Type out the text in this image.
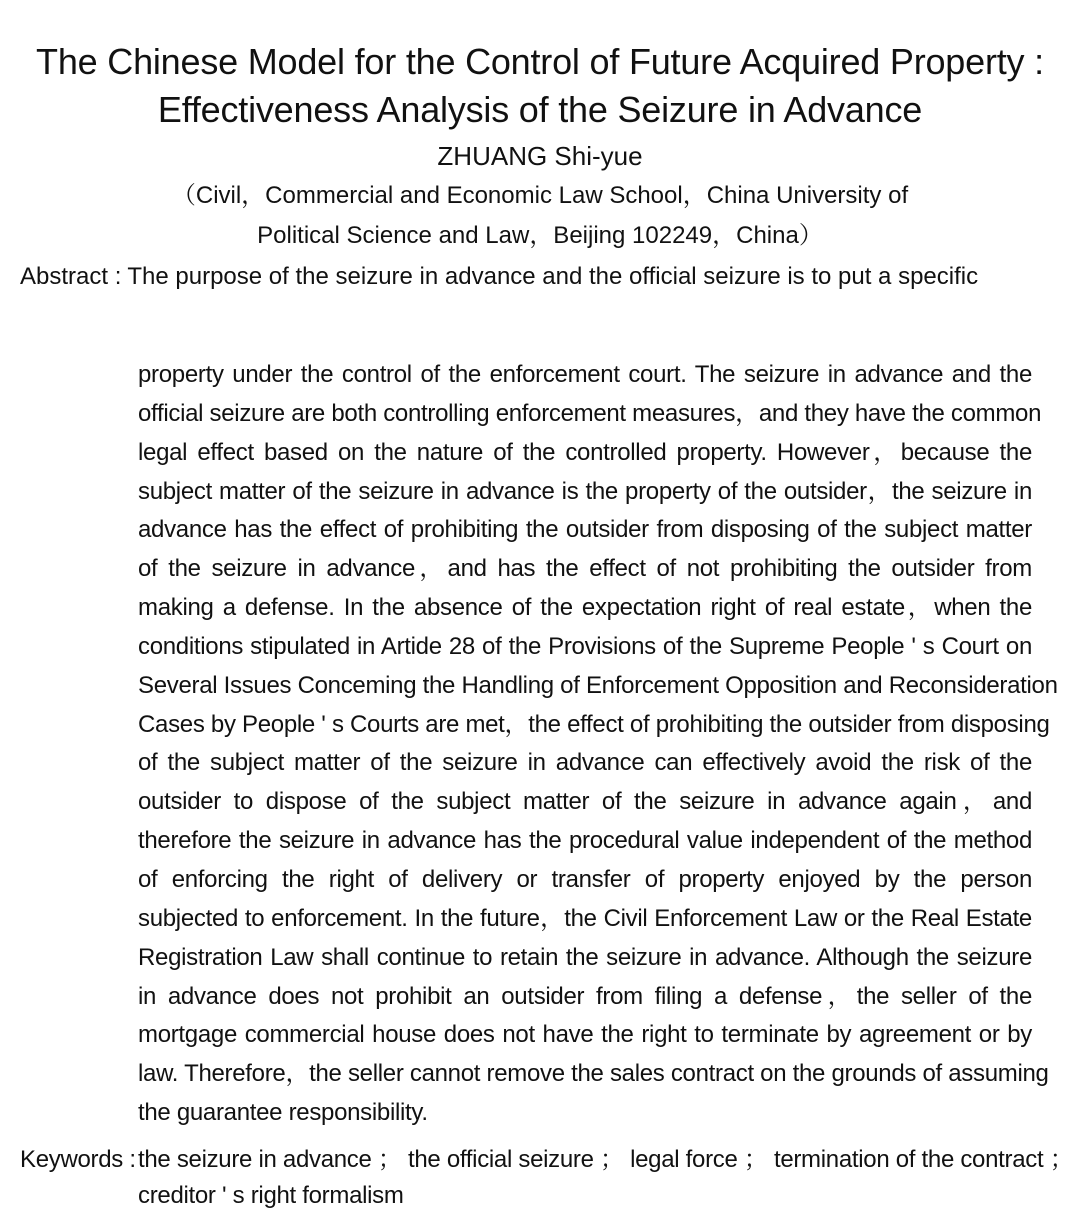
The Chinese Model for the Control of Future Acquired Property :
Effectiveness Analysis of the Seizure in Advance
ZHUANG Shi-yue
（Civil，Commercial and Economic Law School，China University of
Political Science and Law，Beijing 102249，China）
Abstract : The purpose of the seizure in advance and the official seizure is to put a specific
property under the control of the enforcement court. The seizure in advance and the
official seizure are both controlling enforcement measures，and they have the common
legal effect based on the nature of the controlled property. However，because the
subject matter of the seizure in advance is the property of the outsider，the seizure in
advance has the effect of prohibiting the outsider from disposing of the subject matter
of the seizure in advance，and has the effect of not prohibiting the outsider from
making a defense. In the absence of the expectation right of real estate，when the
conditions stipulated in Artide 28 of the Provisions of the Supreme People ' s Court on
Several Issues Conceming the Handling of Enforcement Opposition and Reconsideration
Cases by People ' s Courts are met，the effect of prohibiting the outsider from disposing
of the subject matter of the seizure in advance can effectively avoid the risk of the
outsider to dispose of the subject matter of the seizure in advance again，and
therefore the seizure in advance has the procedural value independent of the method
of enforcing the right of delivery or transfer of property enjoyed by the person
subjected to enforcement. In the future，the Civil Enforcement Law or the Real Estate
Registration Law shall continue to retain the seizure in advance. Although the seizure
in advance does not prohibit an outsider from filing a defense，the seller of the
mortgage commercial house does not have the right to terminate by agreement or by
law. Therefore，the seller cannot remove the sales contract on the grounds of assuming
the guarantee responsibility.
Keywords : the seizure in advance ； the official seizure ； legal force ； termination of the contract ；
creditor ' s right formalism
